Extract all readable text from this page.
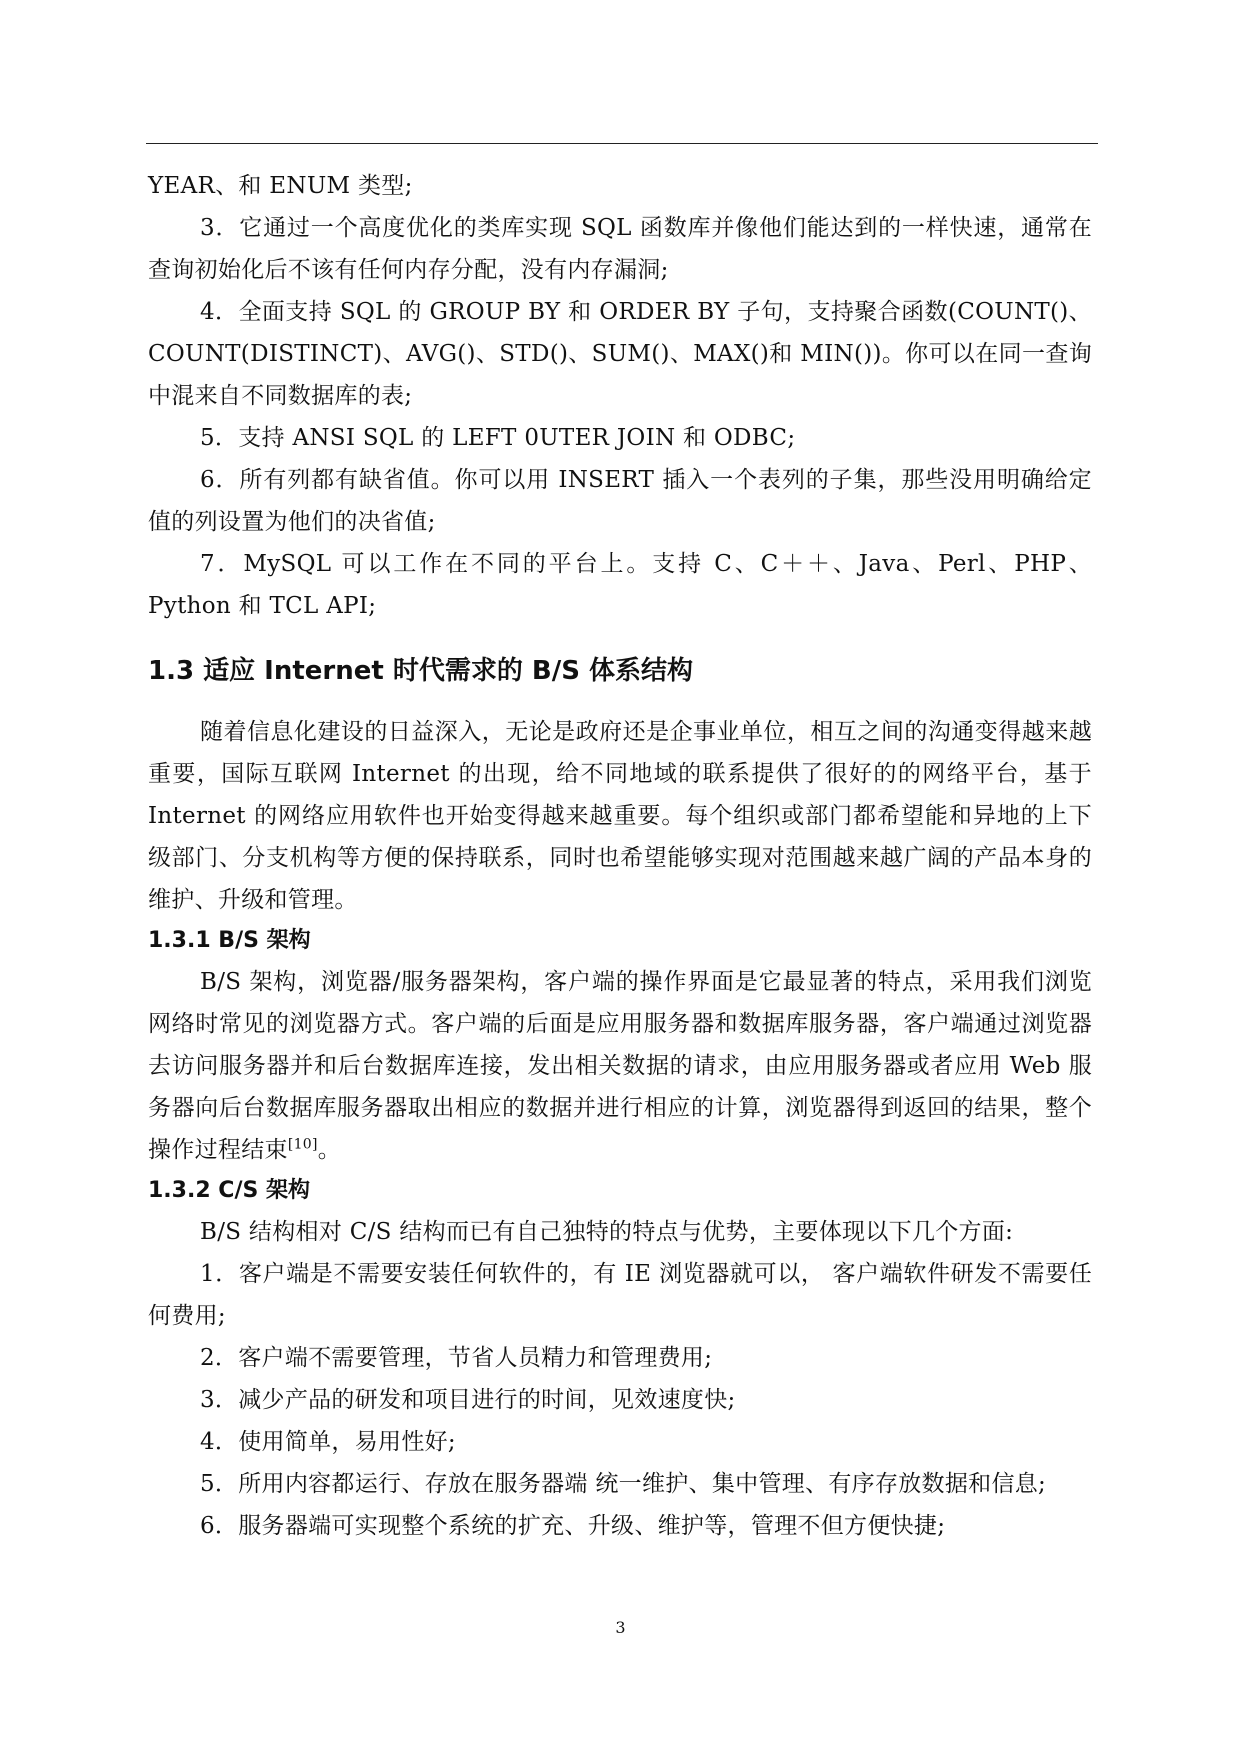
YEAR、和 ENUM 类型;

3．它通过一个高度优化的类库实现 SQL 函数库并像他们能达到的一样快速，通常在查询初始化后不该有任何内存分配，没有内存漏洞;

4．全面支持 SQL 的 GROUP BY 和 ORDER BY 子句，支持聚合函数(COUNT()、COUNT(DISTINCT)、AVG()、STD()、SUM()、MAX()和 MIN())。你可以在同一查询中混来自不同数据库的表;

5．支持 ANSI SQL 的 LEFT 0UTER JOIN 和 ODBC;

6．所有列都有缺省值。你可以用 INSERT 插入一个表列的子集，那些没用明确给定值的列设置为他们的决省值;

7．MySQL 可以工作在不同的平台上。支持 C、C＋＋、Java、Perl、PHP、Python 和 TCL API;

1.3 适应 Internet 时代需求的 B/S 体系结构

随着信息化建设的日益深入，无论是政府还是企事业单位，相互之间的沟通变得越来越重要，国际互联网 Internet 的出现，给不同地域的联系提供了很好的的网络平台，基于 Internet 的网络应用软件也开始变得越来越重要。每个组织或部门都希望能和异地的上下级部门、分支机构等方便的保持联系，同时也希望能够实现对范围越来越广阔的产品本身的维护、升级和管理。

1.3.1 B/S 架构

B/S 架构，浏览器/服务器架构，客户端的操作界面是它最显著的特点，采用我们浏览网络时常见的浏览器方式。客户端的后面是应用服务器和数据库服务器，客户端通过浏览器去访问服务器并和后台数据库连接，发出相关数据的请求，由应用服务器或者应用 Web 服务器向后台数据库服务器取出相应的数据并进行相应的计算，浏览器得到返回的结果，整个操作过程结束[10]。

1.3.2 C/S 架构

B/S 结构相对 C/S 结构而已有自己独特的特点与优势，主要体现以下几个方面:

1．客户端是不需要安装任何软件的，有 IE 浏览器就可以， 客户端软件研发不需要任何费用;

2．客户端不需要管理，节省人员精力和管理费用;

3．减少产品的研发和项目进行的时间，见效速度快;

4．使用简单，易用性好;

5．所用内容都运行、存放在服务器端 统一维护、集中管理、有序存放数据和信息;

6．服务器端可实现整个系统的扩充、升级、维护等，管理不但方便快捷;

3
